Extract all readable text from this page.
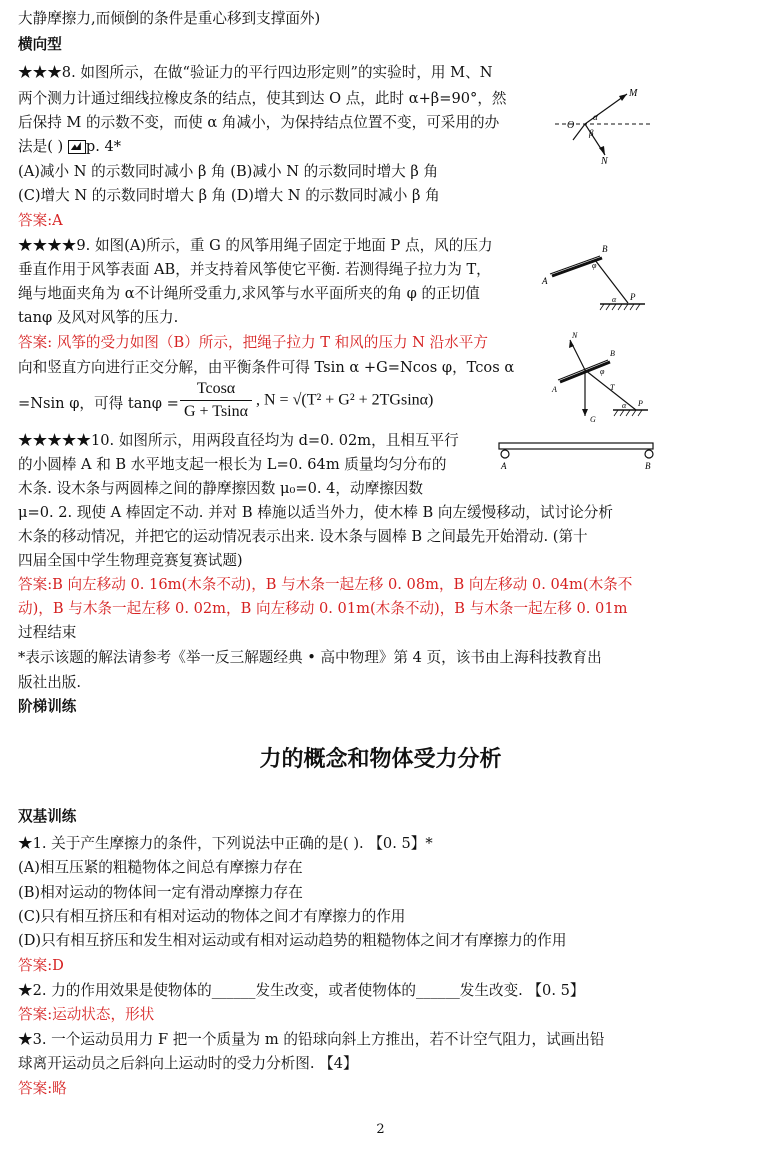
大静摩擦力,而倾倒的条件是重心移到支撑面外)
横向型
★★★8. 如图所示，在做“验证力的平行四边形定则”的实验时，用 M、N
两个测力计通过细线拉橡皮条的结点，使其到达 O 点，此时 α+β=90°，然
后保持 M 的示数不变，而使 α 角减小，为保持结点位置不变，可采用的办
法是( )
p. 4*
(A)减小 N 的示数同时减小 β 角 (B)减小 N 的示数同时增大 β 角
(C)增大 N 的示数同时增大 β 角 (D)增大 N 的示数同时减小 β 角
答案:A
★★★★9. 如图(A)所示，重 G 的风筝用绳子固定于地面 P 点，风的压力
垂直作用于风筝表面 AB，并支持着风筝使它平衡. 若测得绳子拉力为 T，
绳与地面夹角为 α不计绳所受重力,求风筝与水平面所夹的角 φ 的正切值
tanφ 及风对风筝的压力.
答案: 风筝的受力如图（B）所示，把绳子拉力 T 和风的压力 N 沿水平方
向和竖直方向进行正交分解，由平衡条件可得 Tsin α +G=Ncos φ，Tcos α
=Nsin φ，可得 $\tan\varphi = \frac{Tcos\alpha}{G + Tsin\alpha}$ , N = √(T² + G² + 2TGsinα)
★★★★★10. 如图所示，用两段直径均为 d=0. 02m，且相互平行
的小圆棒 A 和 B 水平地支起一根长为 L=0. 64m 质量均匀分布的
木条. 设木条与两圆棒之间的静摩擦因数 μ₀=0. 4，动摩擦因数
μ=0. 2. 现使 A 棒固定不动. 并对 B 棒施以适当外力，使木棒 B 向左缓慢移动，试讨论分析
木条的移动情况，并把它的运动情况表示出来. 设木条与圆棒 B 之间最先开始滑动. (第十
四届全国中学生物理竞赛复赛试题)
答案:B 向左移动 0. 16m(木条不动)，B 与木条一起左移 0. 08m，B 向左移动 0. 04m(木条不
动)，B 与木条一起左移 0. 02m，B 向左移动 0. 01m(木条不动)，B 与木条一起左移 0. 01m
过程结束
*表示该题的解法请参考《举一反三解题经典 • 高中物理》第 4 页，该书由上海科技教育出
版社出版.
阶梯训练
力的概念和物体受力分析
双基训练
★1. 关于产生摩擦力的条件，下列说法中正确的是( ). 【0. 5】*
(A)相互压紧的粗糙物体之间总有摩擦力存在
(B)相对运动的物体间一定有滑动摩擦力存在
(C)只有相互挤压和有相对运动的物体之间才有摩擦力的作用
(D)只有相互挤压和发生相对运动或有相对运动趋势的粗糙物体之间才有摩擦力的作用
答案:D
★2. 力的作用效果是使物体的______发生改变，或者使物体的______发生改变. 【0. 5】
答案:运动状态，形状
★3. 一个运动员用力 F 把一个质量为 m 的铅球向斜上方推出，若不计空气阻力，试画出铅
球离开运动员之后斜向上运动时的受力分析图. 【4】
答案:略
2
M
O
α
β
N
B
φ
A
α P
N
B
φ
A	T
G
α P
A	B
